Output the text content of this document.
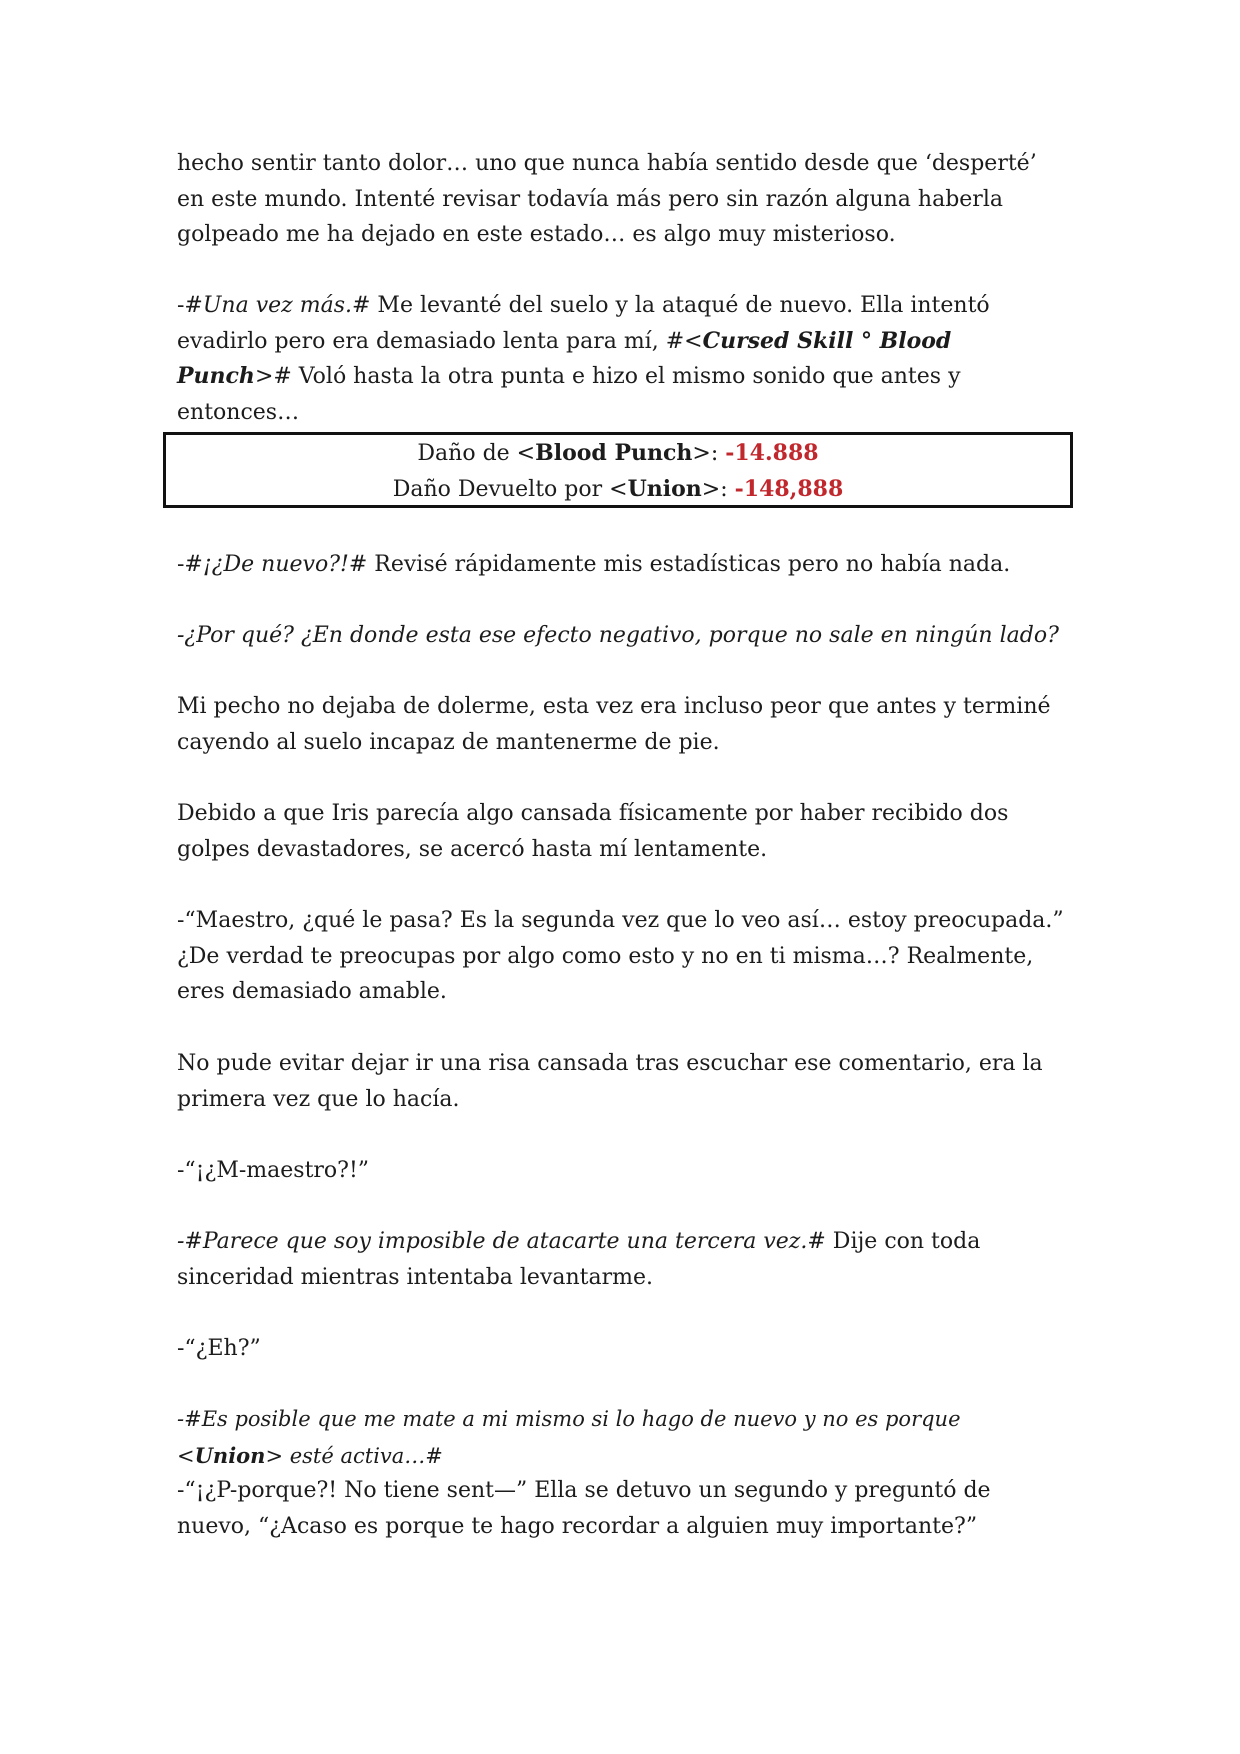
hecho sentir tanto dolor… uno que nunca había sentido desde que ‘desperté’ en este mundo. Intenté revisar todavía más pero sin razón alguna haberla golpeado me ha dejado en este estado… es algo muy misterioso.

-#Una vez más.# Me levanté del suelo y la ataqué de nuevo. Ella intentó evadirlo pero era demasiado lenta para mí, #<Cursed Skill ° Blood Punch># Voló hasta la otra punta e hizo el mismo sonido que antes y entonces…

Daño de <Blood Punch>: -14.888
Daño Devuelto por <Union>: -148,888

-#¡¿De nuevo?!# Revisé rápidamente mis estadísticas pero no había nada.

-¿Por qué? ¿En donde esta ese efecto negativo, porque no sale en ningún lado?

Mi pecho no dejaba de dolerme, esta vez era incluso peor que antes y terminé cayendo al suelo incapaz de mantenerme de pie.

Debido a que Iris parecía algo cansada físicamente por haber recibido dos golpes devastadores, se acercó hasta mí lentamente.

-“Maestro, ¿qué le pasa? Es la segunda vez que lo veo así… estoy preocupada.” ¿De verdad te preocupas por algo como esto y no en ti misma…? Realmente, eres demasiado amable.

No pude evitar dejar ir una risa cansada tras escuchar ese comentario, era la primera vez que lo hacía.

-“¡¿M-maestro?!”

-#Parece que soy imposible de atacarte una tercera vez.# Dije con toda sinceridad mientras intentaba levantarme.

-“¿Eh?”

-#Es posible que me mate a mi mismo si lo hago de nuevo y no es porque <Union> esté activa…#

-“¡¿P-porque?! No tiene sent—” Ella se detuvo un segundo y preguntó de nuevo, “¿Acaso es porque te hago recordar a alguien muy importante?”
